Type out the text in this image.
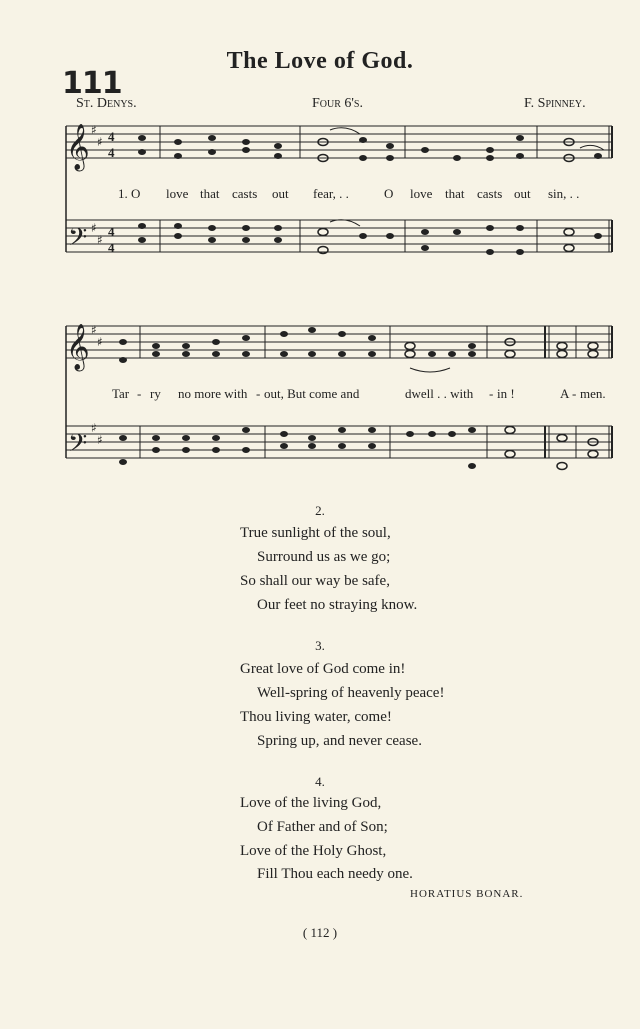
The Love of God.
111
St. Denys.	Four 6's.	F. Spinney.
𝄞
𝄢
𝄞
𝄢
♯
♯
♯
♯
♯
♯
♯
♯
4
4
4
4
1. O love that casts out fear, . .	O love that casts out sin, . .
Tar - ry no more with - out, But come and	dwell . . with - in !	A - men.
2.
True sunlight of the soul,
Surround us as we go;
So shall our way be safe,
Our feet no straying know.
3.
Great love of God come in!
Well-spring of heavenly peace!
Thou living water, come!
Spring up, and never cease.
4.
Love of the living God,
Of Father and of Son;
Love of the Holy Ghost,
Fill Thou each needy one.
HORATIUS BONAR.
( 112 )
